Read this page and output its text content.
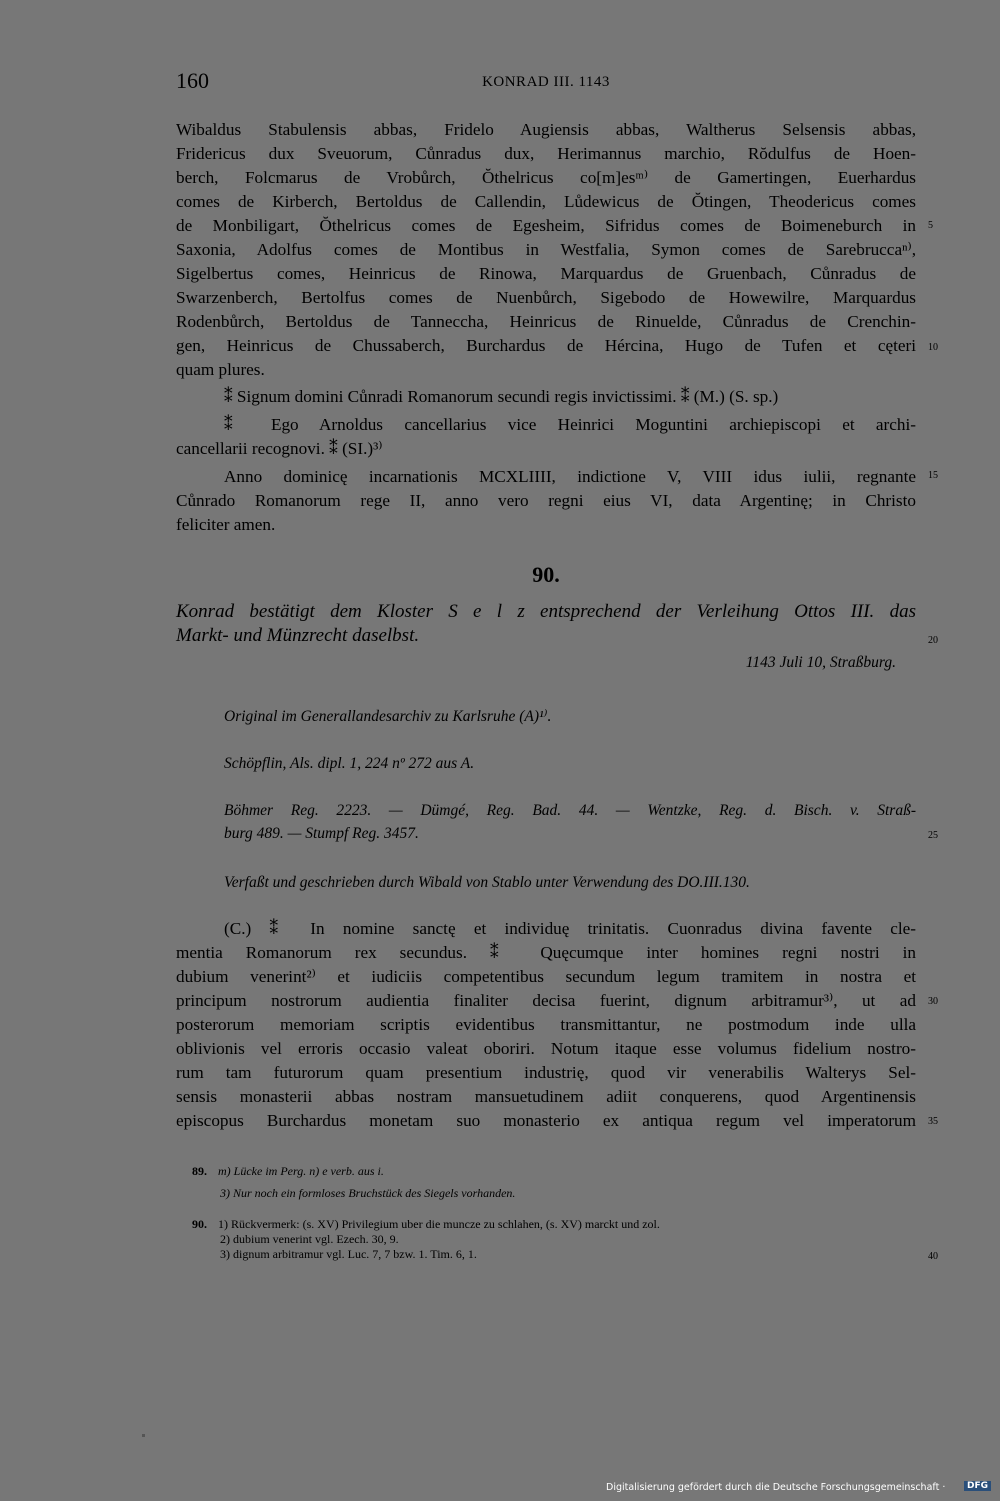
160	KONRAD III. 1143
Wibaldus Stabulensis abbas, Fridelo Augiensis abbas, Waltherus Selsensis abbas,
Fridericus dux Sveuorum, Cůnradus dux, Herimannus marchio, Rŏdulfus de Hoen-
berch, Folcmarus de Vrobůrch, Ŏthelricus co[m]esᵐ⁾ de Gamertingen, Euerhardus
comes de Kirberch, Bertoldus de Callendin, Lůdewicus de Ŏtingen, Theodericus comes
de Monbiligart, Ŏthelricus comes de Egesheim, Sifridus comes de Boimeneburch in
Saxonia, Adolfus comes de Montibus in Westfalia, Symon comes de Sarebruccaⁿ⁾,
Sigelbertus comes, Heinricus de Rinowa, Marquardus de Gruenbach, Cůnradus de
Swarzenberch, Bertolfus comes de Nuenbůrch, Sigebodo de Howewilre, Marquardus
Rodenbůrch, Bertoldus de Tanneccha, Heinricus de Rinuelde, Cůnradus de Crenchin-
gen, Heinricus de Chussaberch, Burchardus de Hércina, Hugo de Tufen et cęteri
quam plures.
⁑ Signum domini Cůnradi Romanorum secundi regis invictissimi. ⁑ (M.) (S. sp.)
⁑ Ego Arnoldus cancellarius vice Heinrici Moguntini archiepiscopi et archi-
cancellarii recognovi. ⁑ (SI.)³⁾
Anno dominicę incarnationis MCXLIIII, indictione V, VIII idus iulii, regnante
Cůnrado Romanorum rege II, anno vero regni eius VI, data Argentinę; in Christo
feliciter amen.
90.
Konrad bestätigt dem Kloster S e l z entsprechend der Verleihung Ottos III. das
Markt- und Münzrecht daselbst.
1143 Juli 10, Straßburg.
Original im Generallandesarchiv zu Karlsruhe (A)¹⁾.
Schöpflin, Als. dipl. 1, 224 nº 272 aus A.
Böhmer Reg. 2223. — Dümgé, Reg. Bad. 44. — Wentzke, Reg. d. Bisch. v. Straß-
burg 489. — Stumpf Reg. 3457.
Verfaßt und geschrieben durch Wibald von Stablo unter Verwendung des DO.III.130.
(C.) ⁑ In nomine sanctę et individuę trinitatis. Cuonradus divina favente cle-
mentia Romanorum rex secundus. ⁑ Quęcumque inter homines regni nostri in
dubium venerint²⁾ et iudiciis competentibus secundum legum tramitem in nostra et
principum nostrorum audientia finaliter decisa fuerint, dignum arbitramur³⁾, ut ad
posterorum memoriam scriptis evidentibus transmittantur, ne postmodum inde ulla
oblivionis vel erroris occasio valeat oboriri. Notum itaque esse volumus fidelium nostro-
rum tam futurorum quam presentium industrię, quod vir venerabilis Walterys Sel-
sensis monasterii abbas nostram mansuetudinem adiit conquerens, quod Argentinensis
episcopus Burchardus monetam suo monasterio ex antiqua regum vel imperatorum
5
10
15
20
25
30
35
40
89. m) Lücke im Perg. n) e verb. aus i.
3) Nur noch ein formloses Bruchstück des Siegels vorhanden.
90. 1) Rückvermerk: (s. XV) Privilegium uber die muncze zu schlahen, (s. XV) marckt und zol.
2) dubium venerint vgl. Ezech. 30, 9.
3) dignum arbitramur vgl. Luc. 7, 7 bzw. 1. Tim. 6, 1.
Digitalisierung gefördert durch die Deutsche Forschungsgemeinschaft ·	DFG
